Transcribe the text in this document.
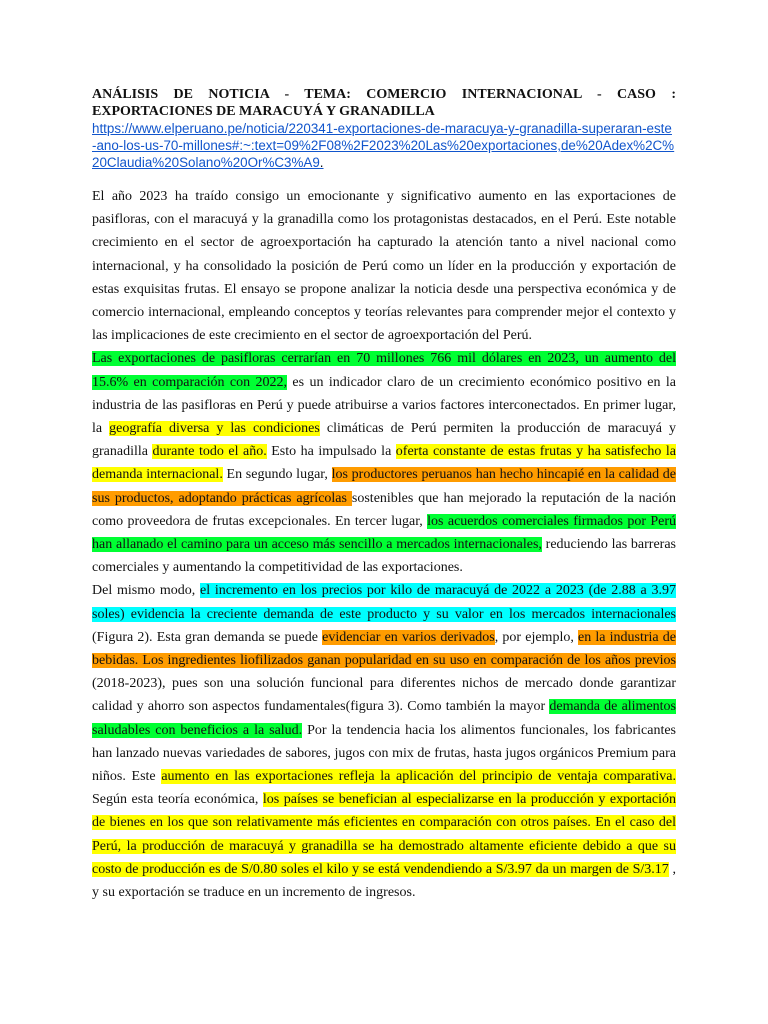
ANÁLISIS DE NOTICIA - TEMA: COMERCIO INTERNACIONAL - CASO :
EXPORTACIONES DE MARACUYÁ Y GRANADILLA
https://www.elperuano.pe/noticia/220341-exportaciones-de-maracuya-y-granadilla-superaran-este-ano-los-us-70-millones#:~:text=09%2F08%2F2023%20Las%20exportaciones,de%20Adex%2C%20Claudia%20Solano%20Or%C3%A9.

El año 2023 ha traído consigo un emocionante y significativo aumento en las exportaciones de pasifloras, con el maracuyá y la granadilla como los protagonistas destacados, en el Perú. Este notable crecimiento en el sector de agroexportación ha capturado la atención tanto a nivel nacional como internacional, y ha consolidado la posición de Perú como un líder en la producción y exportación de estas exquisitas frutas. El ensayo se propone analizar la noticia desde una perspectiva económica y de comercio internacional, empleando conceptos y teorías relevantes para comprender mejor el contexto y las implicaciones de este crecimiento en el sector de agroexportación del Perú.

Las exportaciones de pasifloras cerrarían en 70 millones 766 mil dólares en 2023, un aumento del 15.6% en comparación con 2022, es un indicador claro de un crecimiento económico positivo en la industria de las pasifloras en Perú y puede atribuirse a varios factores interconectados. En primer lugar, la geografía diversa y las condiciones climáticas de Perú permiten la producción de maracuyá y granadilla durante todo el año. Esto ha impulsado la oferta constante de estas frutas y ha satisfecho la demanda internacional. En segundo lugar, los productores peruanos han hecho hincapié en la calidad de sus productos, adoptando prácticas agrícolas sostenibles que han mejorado la reputación de la nación como proveedora de frutas excepcionales. En tercer lugar, los acuerdos comerciales firmados por Perú han allanado el camino para un acceso más sencillo a mercados internacionales, reduciendo las barreras comerciales y aumentando la competitividad de las exportaciones.

Del mismo modo, el incremento en los precios por kilo de maracuyá de 2022 a 2023 (de 2.88 a 3.97 soles) evidencia la creciente demanda de este producto y su valor en los mercados internacionales (Figura 2). Esta gran demanda se puede evidenciar en varios derivados, por ejemplo, en la industria de bebidas. Los ingredientes liofilizados ganan popularidad en su uso en comparación de los años previos (2018-2023), pues son una solución funcional para diferentes nichos de mercado donde garantizar calidad y ahorro son aspectos fundamentales(figura 3). Como también la mayor demanda de alimentos saludables con beneficios a la salud. Por la tendencia hacia los alimentos funcionales, los fabricantes han lanzado nuevas variedades de sabores, jugos con mix de frutas, hasta jugos orgánicos Premium para niños. Este aumento en las exportaciones refleja la aplicación del principio de ventaja comparativa. Según esta teoría económica, los países se benefician al especializarse en la producción y exportación de bienes en los que son relativamente más eficientes en comparación con otros países. En el caso del Perú, la producción de maracuyá y granadilla se ha demostrado altamente eficiente debido a que su costo de producción es de S/0.80 soles el kilo y se está vendendiendo a S/3.97 da un margen de S/3.17 , y su exportación se traduce en un incremento de ingresos.
